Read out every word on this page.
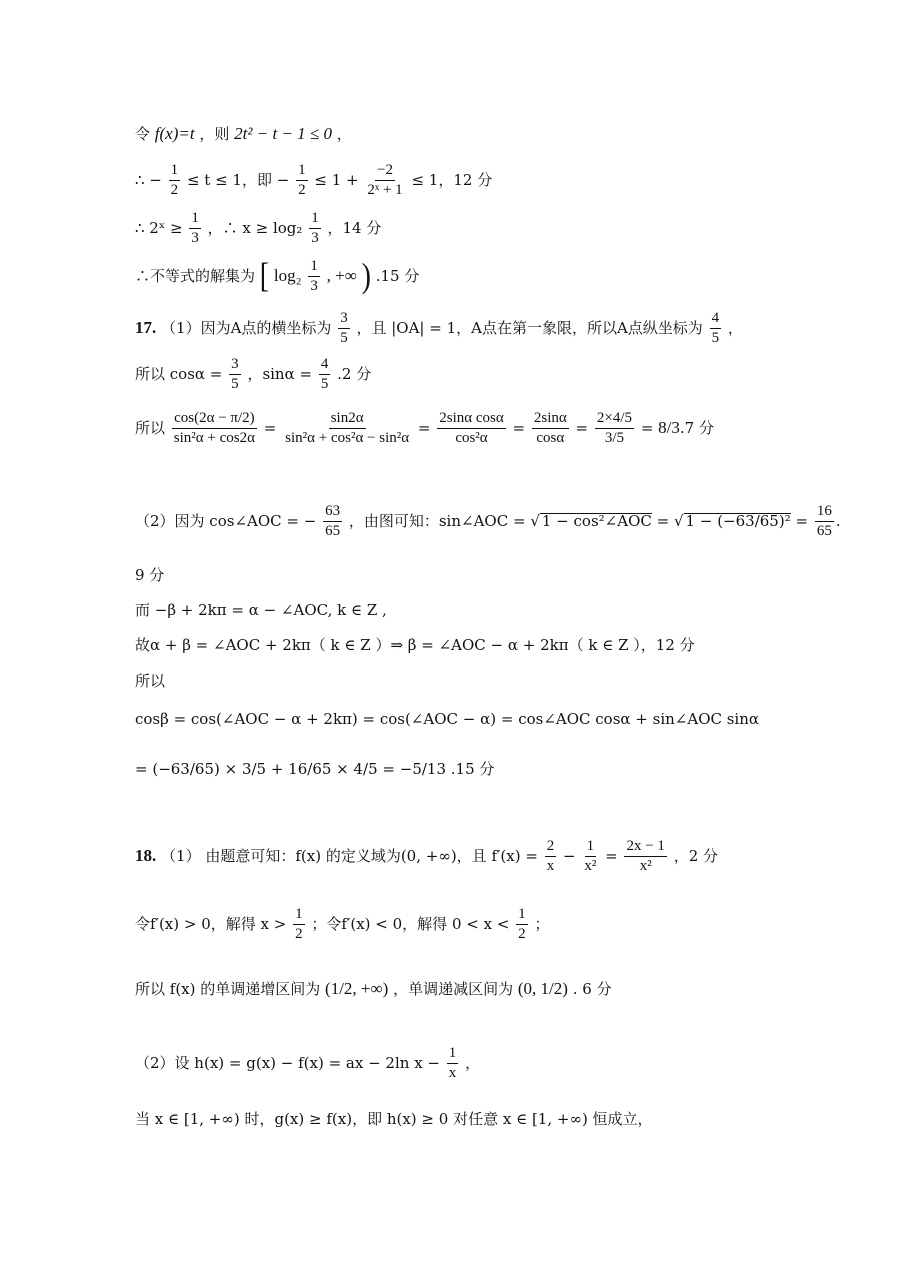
令 f(x)=t ，则 2t² − t − 1 ≤ 0 ，
∴ − $\frac{1}{2} \le t \le 1$，即 − $\frac{1}{2} \le 1 + \frac{-2}{\text{2ˣ + 1}} \le 1$，12 分
∴ 2ˣ ≥ $\frac{1}{3}$ ，∴ $x \ge \log_2 \frac{1}{3}$ ，14 分
∴不等式的解集为 [ $\log_2 \frac{1}{3}$ , +∞ ) .15 分
17. （1）因为A点的横坐标为 $\frac{3}{5}$ ，且 |OA| = 1，A点在第一象限，所以A点纵坐标为 $\frac{4}{5}$ ，
所以 $\cos\alpha = \frac{3}{5}$ ，$\sin\alpha = \frac{4}{5} .2$ 分
所以 $\frac{\cos(2\alpha - \pi/2)}{\text{sin²α + cos2α}} = \frac{\sin 2\alpha}{\text{sin²α + cos²α − sin²α}} = \frac{\text{2sinα cosα}}{\text{cos²α}} = \frac{2\sin\alpha}{\cos\alpha} = \frac{2\times 4/5}{3/5} = 8/3.7$ 分
（2）因为 cos∠AOC = − $\frac{63}{65}$ ，由图可知：sin∠AOC = √ 1 − cos²∠AOC = √ $1 - (-63/65)^2 = \frac{16}{65}$ .
9 分
而 −β + 2kπ = α − ∠AOC, k ∈ Z ,
故α + β = ∠AOC + 2kπ（ k ∈ Z ）⇒ β = ∠AOC − α + 2kπ（ k ∈ Z ），12 分
所以
cosβ = cos(∠AOC − α + 2kπ) = cos(∠AOC − α) = cos∠AOC cosα + sin∠AOC sinα
= (−63/65) × 3/5 + 16/65 × 4/5 = −5/13 .15 分
18. （1） 由题意可知：f(x) 的定义域为(0, +∞)，且 $f'(x) = \frac{2}{x} - \frac{1}{\text{x²}} = \frac{2x - 1}{\text{x²}}$ ，2 分
令f′(x) > 0，解得 $x > \frac{1}{2}$ ；令f′(x) < 0，解得 $0 < x < \frac{1}{2}$ ；
所以 f(x) 的单调递增区间为 (1/2, +∞) ，单调递减区间为 (0, 1/2) . 6 分
（2）设 h(x) = g(x) − f(x) = ax − 2ln $x - \frac{1}{x}$ ，
当 x ∈ [1, +∞) 时，g(x) ≥ f(x)，即 h(x) ≥ 0 对任意 x ∈ [1, +∞) 恒成立，
